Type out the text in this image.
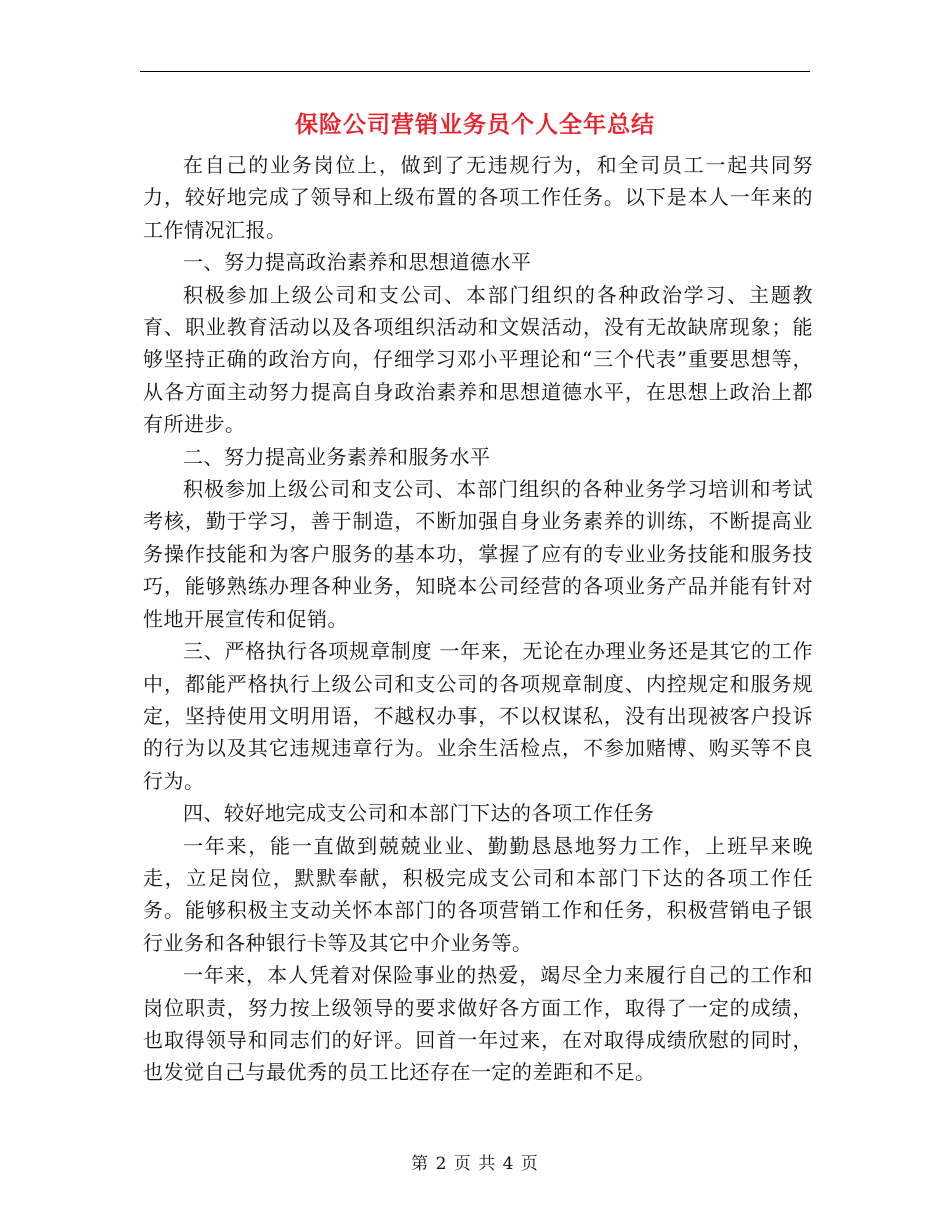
保险公司营销业务员个人全年总结

在自己的业务岗位上，做到了无违规行为，和全司员工一起共同努力，较好地完成了领导和上级布置的各项工作任务。以下是本人一年来的工作情况汇报。

一、努力提高政治素养和思想道德水平

积极参加上级公司和支公司、本部门组织的各种政治学习、主题教育、职业教育活动以及各项组织活动和文娱活动，没有无故缺席现象；能够坚持正确的政治方向，仔细学习邓小平理论和“三个代表”重要思想等，从各方面主动努力提高自身政治素养和思想道德水平，在思想上政治上都有所进步。

二、努力提高业务素养和服务水平

积极参加上级公司和支公司、本部门组织的各种业务学习培训和考试考核，勤于学习，善于制造，不断加强自身业务素养的训练，不断提高业务操作技能和为客户服务的基本功，掌握了应有的专业业务技能和服务技巧，能够熟练办理各种业务，知晓本公司经营的各项业务产品并能有针对性地开展宣传和促销。

三、严格执行各项规章制度 一年来，无论在办理业务还是其它的工作中，都能严格执行上级公司和支公司的各项规章制度、内控规定和服务规定，坚持使用文明用语，不越权办事，不以权谋私，没有出现被客户投诉的行为以及其它违规违章行为。业余生活检点，不参加赌博、购买等不良行为。

四、较好地完成支公司和本部门下达的各项工作任务

一年来，能一直做到兢兢业业、勤勤恳恳地努力工作，上班早来晚走，立足岗位，默默奉献，积极完成支公司和本部门下达的各项工作任务。能够积极主支动关怀本部门的各项营销工作和任务，积极营销电子银行业务和各种银行卡等及其它中介业务等。

一年来，本人凭着对保险事业的热爱，竭尽全力来履行自己的工作和岗位职责，努力按上级领导的要求做好各方面工作，取得了一定的成绩，也取得领导和同志们的好评。回首一年过来，在对取得成绩欣慰的同时，也发觉自己与最优秀的员工比还存在一定的差距和不足。

第 2 页 共 4 页
